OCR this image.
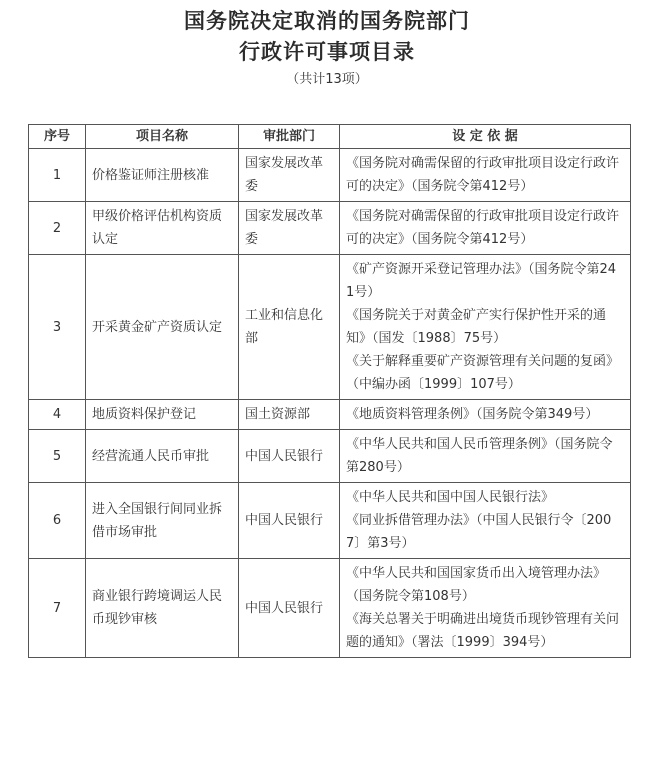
国务院决定取消的国务院部门
行政许可事项目录
（共计13项）
序号	项目名称	审批部门	设 定 依 据
1	价格鉴证师注册核准	国家发展改革委	《国务院对确需保留的行政审批项目设定行政许可的决定》（国务院令第412号）

2	甲级价格评估机构资质认定	国家发展改革委	《国务院对确需保留的行政审批项目设定行政许可的决定》（国务院令第412号）

3	开采黄金矿产资质认定	工业和信息化部	《矿产资源开采登记管理办法》（国务院令第241号）

《国务院关于对黄金矿产实行保护性开采的通知》（国发〔1988〕75号）

《关于解释重要矿产资源管理有关问题的复函》（中编办函〔1999〕107号）

4	地质资料保护登记	国土资源部	《地质资料管理条例》（国务院令第349号）

5	经营流通人民币审批	中国人民银行	《中华人民共和国人民币管理条例》（国务院令第280号）

6	进入全国银行间同业拆借市场审批	中国人民银行	《中华人民共和国中国人民银行法》

《同业拆借管理办法》（中国人民银行令〔2007〕第3号）

7	商业银行跨境调运人民币现钞审核	中国人民银行	《中华人民共和国国家货币出入境管理办法》（国务院令第108号）

《海关总署关于明确进出境货币现钞管理有关问题的通知》（署法〔1999〕394号）
